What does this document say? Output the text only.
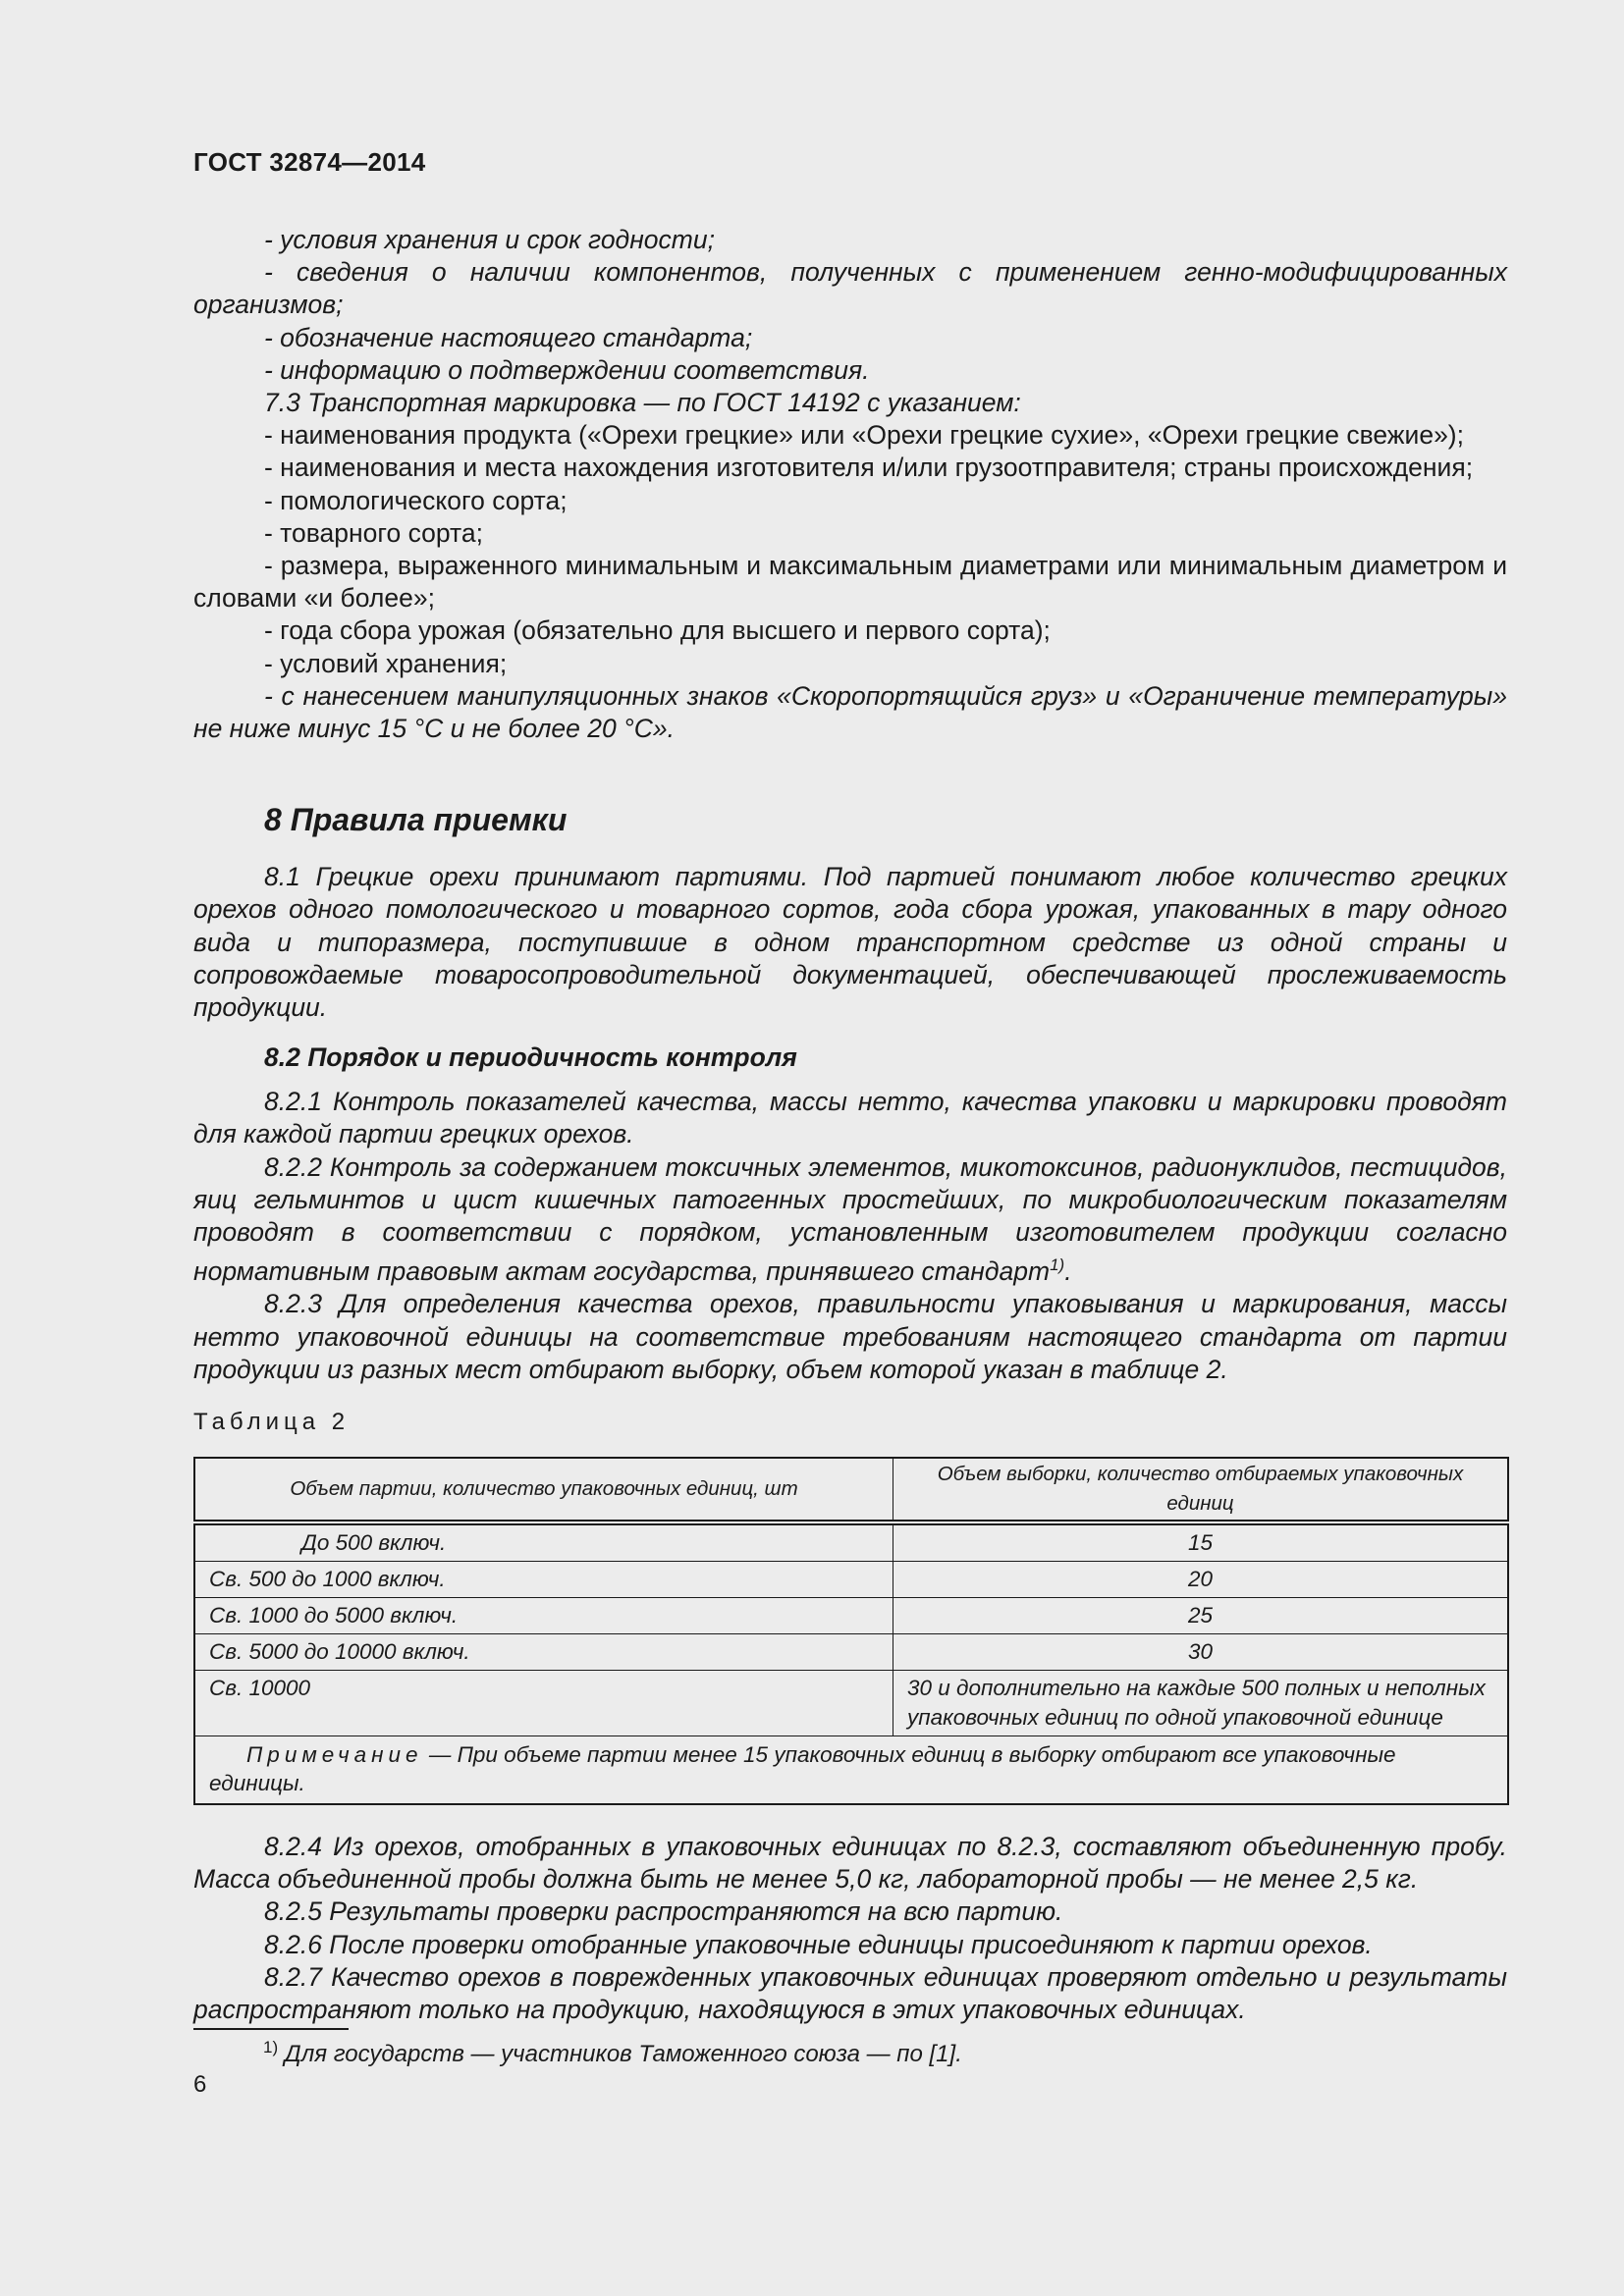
ГОСТ 32874—2014

- условия хранения и срок годности;

- сведения о наличии компонентов, полученных с применением генно-модифицированных организмов;

- обозначение настоящего стандарта;

- информацию о подтверждении соответствия.

7.3 Транспортная маркировка — по ГОСТ 14192 с указанием:

- наименования продукта («Орехи грецкие» или «Орехи грецкие сухие», «Орехи грецкие свежие»);

- наименования и места нахождения изготовителя и/или грузоотправителя; страны происхождения;

- помологического сорта;

- товарного сорта;

- размера, выраженного минимальным и максимальным диаметрами или минимальным диаметром и словами «и более»;

- года сбора урожая (обязательно для высшего и первого сорта);

- условий хранения;

- с нанесением манипуляционных знаков «Скоропортящийся груз» и «Ограничение температуры» не ниже минус 15 °С и не более 20 °С».

8 Правила приемки

8.1 Грецкие орехи принимают партиями. Под партией понимают любое количество грецких орехов одного помологического и товарного сортов, года сбора урожая, упакованных в тару одного вида и типоразмера, поступившие в одном транспортном средстве из одной страны и сопровождаемые товаросопроводительной документацией, обеспечивающей прослеживаемость продукции.

8.2 Порядок и периодичность контроля

8.2.1 Контроль показателей качества, массы нетто, качества упаковки и маркировки проводят для каждой партии грецких орехов.

8.2.2 Контроль за содержанием токсичных элементов, микотоксинов, радионуклидов, пестицидов, яиц гельминтов и цист кишечных патогенных простейших, по микробиологическим показателям проводят в соответствии с порядком, установленным изготовителем продукции согласно нормативным правовым актам государства, принявшего стандарт$^{1)}$.

8.2.3 Для определения качества орехов, правильности упаковывания и маркирования, массы нетто упаковочной единицы на соответствие требованиям настоящего стандарта от партии продукции из разных мест отбирают выборку, объем которой указан в таблице 2.

Таблица 2
Объем партии, количество упаковочных единиц, шт	Объем выборки, количество отбираемых упаковочных единиц
До 500 включ.	15
Св. 500 до 1000 включ.	20
Св. 1000 до 5000 включ.	25
Св. 5000 до 10000 включ.	30
Св. 10000	30 и дополнительно на каждые 500 полных и неполных упаковочных единиц по одной упаковочной единице
Примечание — При объеме партии менее 15 упаковочных единиц в выборку отбирают все упаковочные единицы.	

8.2.4 Из орехов, отобранных в упаковочных единицах по 8.2.3, составляют объединенную пробу. Масса объединенной пробы должна быть не менее 5,0 кг, лабораторной пробы — не менее 2,5 кг.

8.2.5 Результаты проверки распространяются на всю партию.

8.2.6 После проверки отобранные упаковочные единицы присоединяют к партии орехов.

8.2.7 Качество орехов в поврежденных упаковочных единицах проверяют отдельно и результаты распространяют только на продукцию, находящуюся в этих упаковочных единицах.

$^{1)}$ Для государств — участников Таможенного союза — по [1].
6
